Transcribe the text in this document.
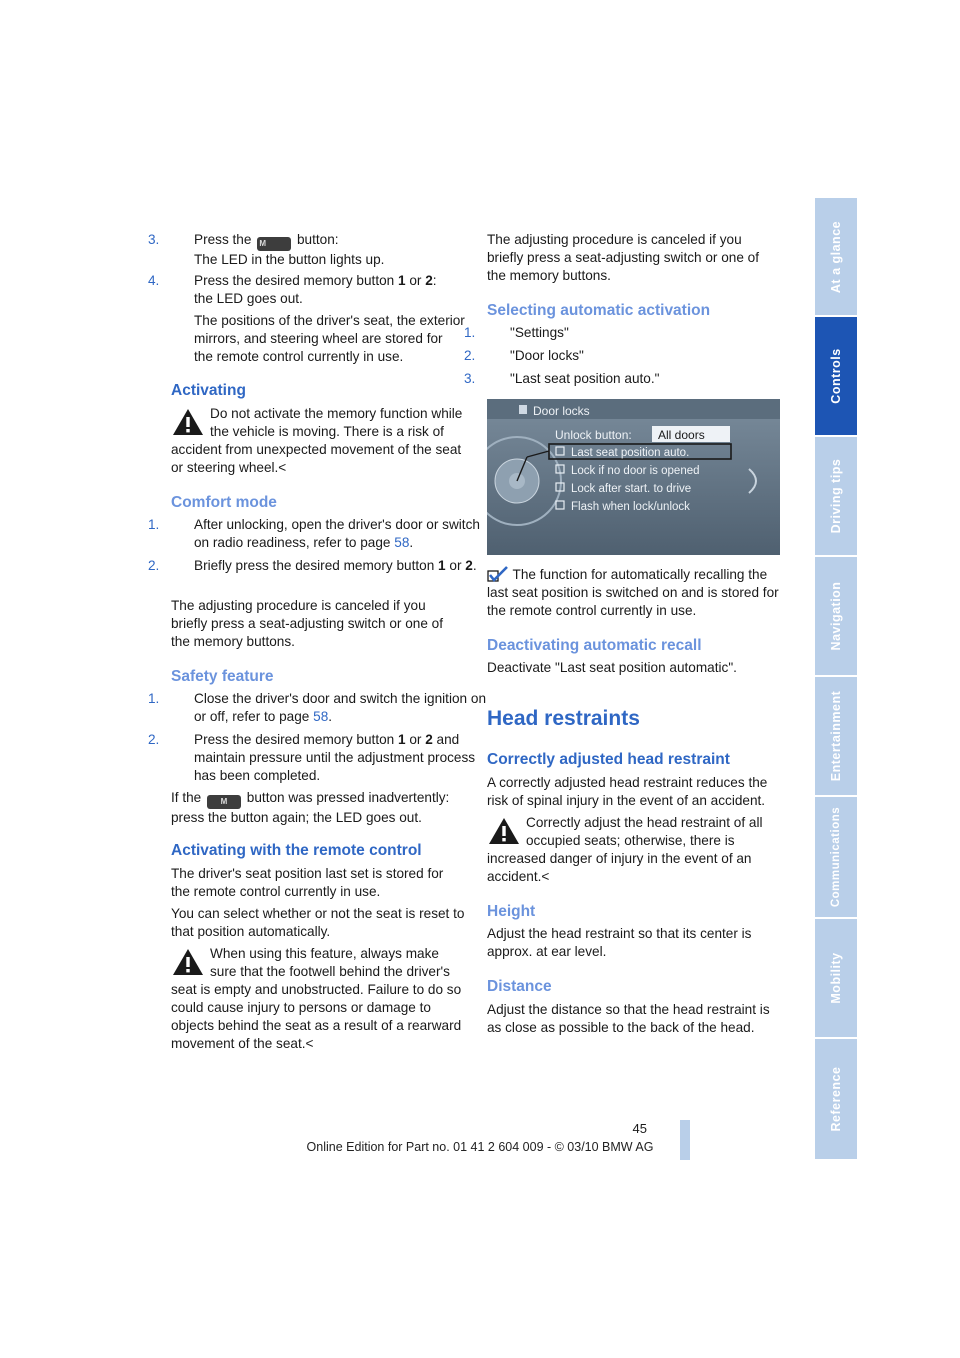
3.	Press the M button:
The LED in the button lights up.
4.	Press the desired memory button 1 or 2:
the LED goes out.
The positions of the driver's seat, the exterior mirrors, and steering wheel are stored for the remote control currently in use.
Activating
Do not activate the memory function while the vehicle is moving. There is a risk of accident from unexpected movement of the seat or steering wheel.<
Comfort mode
1.	After unlocking, open the driver's door or switch on radio readiness, refer to page 58.
2.	Briefly press the desired memory button 1 or 2.
The adjusting procedure is canceled if you briefly press a seat-adjusting switch or one of the memory buttons.
Safety feature
1.	Close the driver's door and switch the ignition on or off, refer to page 58.
2.	Press the desired memory button 1 or 2 and maintain pressure until the adjustment process has been completed.
If the M button was pressed inadvertently: press the button again; the LED goes out.
Activating with the remote control
The driver's seat position last set is stored for the remote control currently in use.
You can select whether or not the seat is reset to that position automatically.
When using this feature, always make sure that the footwell behind the driver's seat is empty and unobstructed. Failure to do so could cause injury to persons or damage to objects behind the seat as a result of a rearward movement of the seat.<
The adjusting procedure is canceled if you briefly press a seat-adjusting switch or one of the memory buttons.
Selecting automatic activation
1.	"Settings"
2.	"Door locks"
3.	"Last seat position auto."
Door locks
Unlock button: All doors
Last seat position auto.
Lock if no door is opened
Lock after start. to drive
Flash when lock/unlock
The function for automatically recalling the last seat position is switched on and is stored for the remote control currently in use.
Deactivating automatic recall
Deactivate "Last seat position automatic".
Head restraints
Correctly adjusted head restraint
A correctly adjusted head restraint reduces the risk of spinal injury in the event of an accident.
Correctly adjust the head restraint of all occupied seats; otherwise, there is increased danger of injury in the event of an accident.<
Height
Adjust the head restraint so that its center is approx. at ear level.
Distance
Adjust the distance so that the head restraint is as close as possible to the back of the head.
At a glance
Controls
Driving tips
Navigation
Entertainment
Communications
Mobility
Reference
45
Online Edition for Part no. 01 41 2 604 009 - © 03/10 BMW AG
